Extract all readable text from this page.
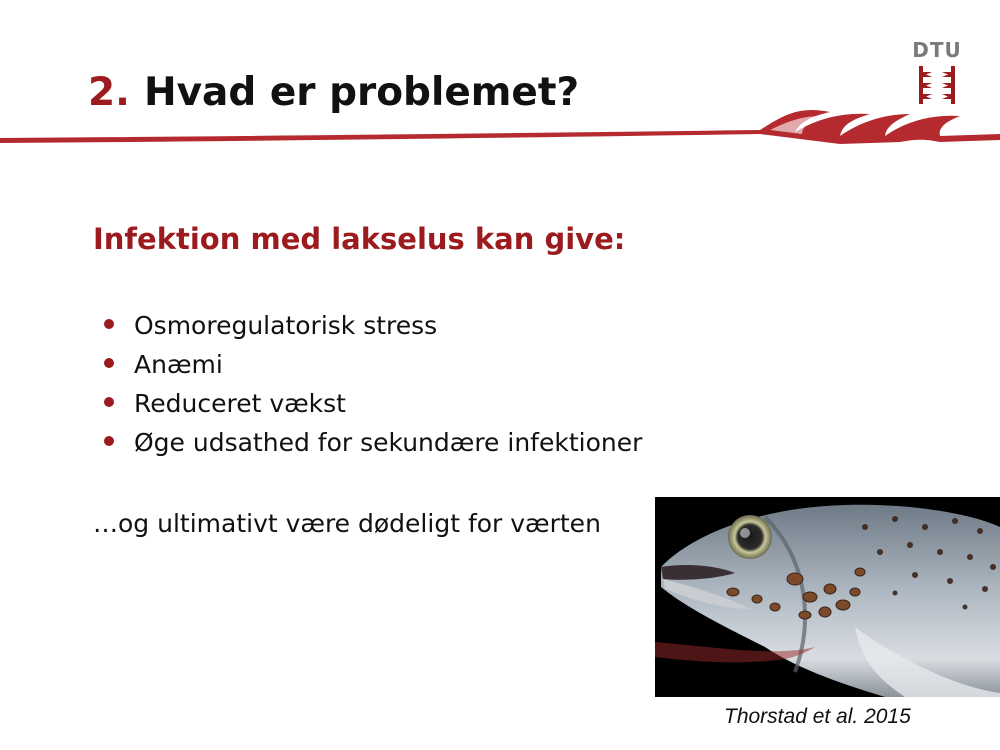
2. Hvad er problemet?
DTU
Infektion med lakselus kan give:
Osmoregulatorisk stress
Anæmi
Reduceret vækst
Øge udsathed for sekundære infektioner
…og ultimativt være dødeligt for værten
Thorstad et al. 2015
